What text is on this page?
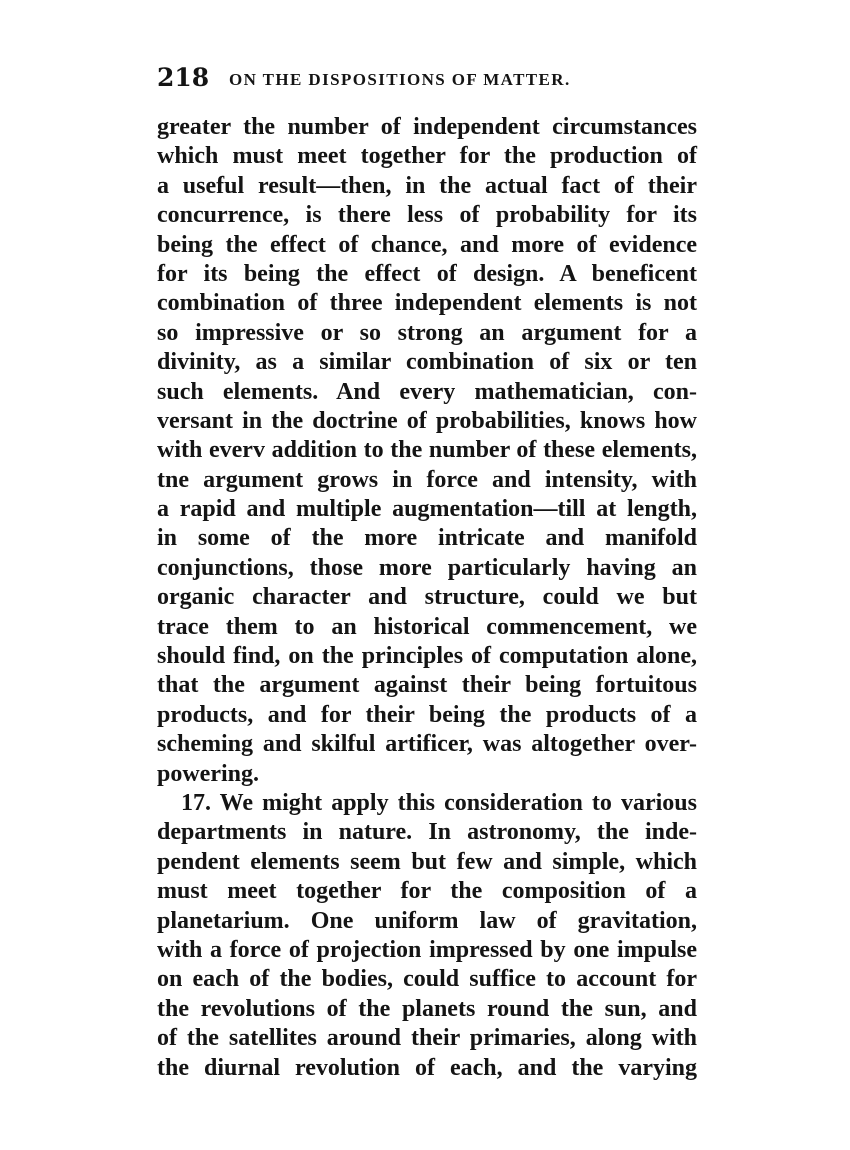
218 ON THE DISPOSITIONS OF MATTER.
greater the number of independent circumstances
which must meet together for the production of
a useful result—then, in the actual fact of their
concurrence, is there less of probability for its
being the effect of chance, and more of evidence
for its being the effect of design. A beneficent
combination of three independent elements is not
so impressive or so strong an argument for a
divinity, as a similar combination of six or ten
such elements. And every mathematician, con-
versant in the doctrine of probabilities, knows how
with everv addition to the number of these elements,
tne argument grows in force and intensity, with
a rapid and multiple augmentation—till at length,
in some of the more intricate and manifold
conjunctions, those more particularly having an
organic character and structure, could we but
trace them to an historical commencement, we
should find, on the principles of computation alone,
that the argument against their being fortuitous
products, and for their being the products of a
scheming and skilful artificer, was altogether over-
powering.
17. We might apply this consideration to various
departments in nature. In astronomy, the inde-
pendent elements seem but few and simple, which
must meet together for the composition of a
planetarium. One uniform law of gravitation,
with a force of projection impressed by one impulse
on each of the bodies, could suffice to account for
the revolutions of the planets round the sun, and
of the satellites around their primaries, along with
the diurnal revolution of each, and the varying
